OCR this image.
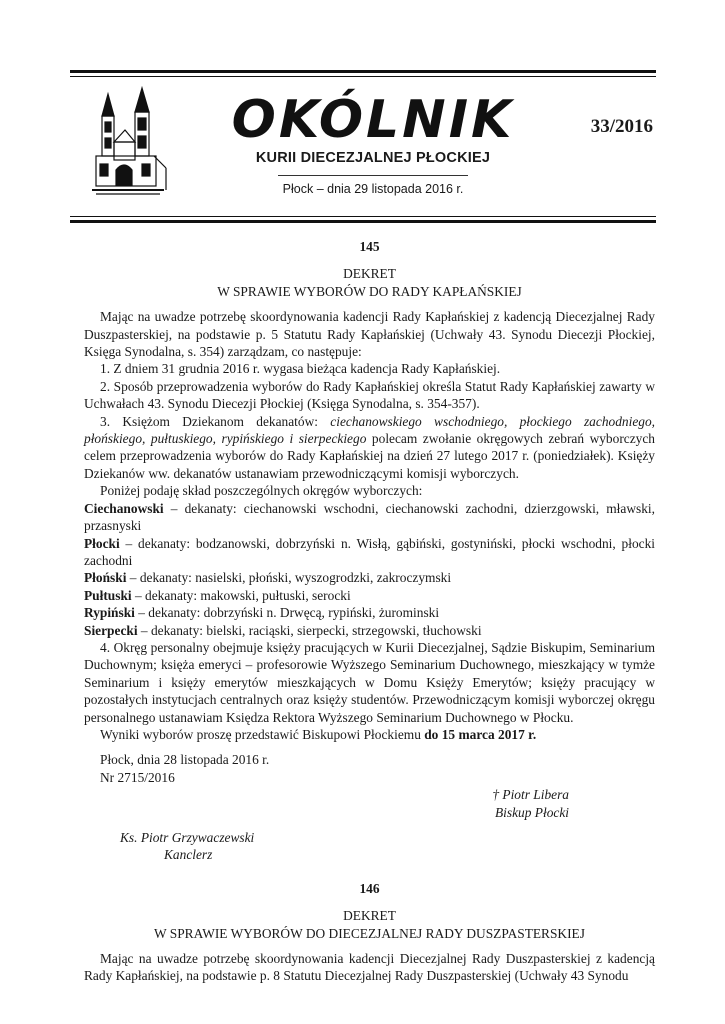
OKÓLNIK
KURII DIECEZJALNEJ PŁOCKIEJ
Płock – dnia 29 listopada 2016 r.
33/2016
145
DEKRET
W SPRAWIE WYBORÓW DO RADY KAPŁAŃSKIEJ

Mając na uwadze potrzebę skoordynowania kadencji Rady Kapłańskiej z kadencją Diecezjalnej Rady Duszpasterskiej, na podstawie p. 5 Statutu Rady Kapłańskiej (Uchwały 43. Synodu Diecezji Płockiej, Księga Synodalna, s. 354) zarządzam, co następuje:

1. Z dniem 31 grudnia 2016 r. wygasa bieżąca kadencja Rady Kapłańskiej.

2. Sposób przeprowadzenia wyborów do Rady Kapłańskiej określa Statut Rady Kapłańskiej zawarty w Uchwałach 43. Synodu Diecezji Płockiej (Księga Synodalna, s. 354-357).

3. Księżom Dziekanom dekanatów: ciechanowskiego wschodniego, płockiego zachodniego, płońskiego, pułtuskiego, rypińskiego i sierpeckiego polecam zwołanie okręgowych zebrań wyborczych celem przeprowadzenia wyborów do Rady Kapłańskiej na dzień 27 lutego 2017 r. (poniedziałek). Księży Dziekanów ww. dekanatów ustanawiam przewodniczącymi komisji wyborczych.

Poniżej podaję skład poszczególnych okręgów wyborczych:

Ciechanowski – dekanaty: ciechanowski wschodni, ciechanowski zachodni, dzierzgowski, mławski, przasnyski

Płocki – dekanaty: bodzanowski, dobrzyński n. Wisłą, gąbiński, gostyniński, płocki wschodni, płocki zachodni

Płoński – dekanaty: nasielski, płoński, wyszogrodzki, zakroczymski

Pułtuski – dekanaty: makowski, pułtuski, serocki

Rypiński – dekanaty: dobrzyński n. Drwęcą, rypiński, żurominski

Sierpecki – dekanaty: bielski, raciąski, sierpecki, strzegowski, tłuchowski

4. Okręg personalny obejmuje księży pracujących w Kurii Diecezjalnej, Sądzie Biskupim, Seminarium Duchownym; księża emeryci – profesorowie Wyższego Seminarium Duchownego, mieszkający w tymże Seminarium i księży emerytów mieszkających w Domu Księży Emerytów; księży pracujący w pozostałych instytucjach centralnych oraz księży studentów. Przewodniczącym komisji wyborczej okręgu personalnego ustanawiam Księdza Rektora Wyższego Seminarium Duchownego w Płocku.

Wyniki wyborów proszę przedstawić Biskupowi Płockiemu do 15 marca 2017 r.

Płock, dnia 28 listopada 2016 r.

Nr 2715/2016

† Piotr Libera
Biskup Płocki
Ks. Piotr Grzywaczewski
Kanclerz
146
DEKRET
W SPRAWIE WYBORÓW DO DIECEZJALNEJ RADY DUSZPASTERSKIEJ

Mając na uwadze potrzebę skoordynowania kadencji Diecezjalnej Rady Duszpasterskiej z kadencją Rady Kapłańskiej, na podstawie p. 8 Statutu Diecezjalnej Rady Duszpasterskiej (Uchwały 43 Synodu
